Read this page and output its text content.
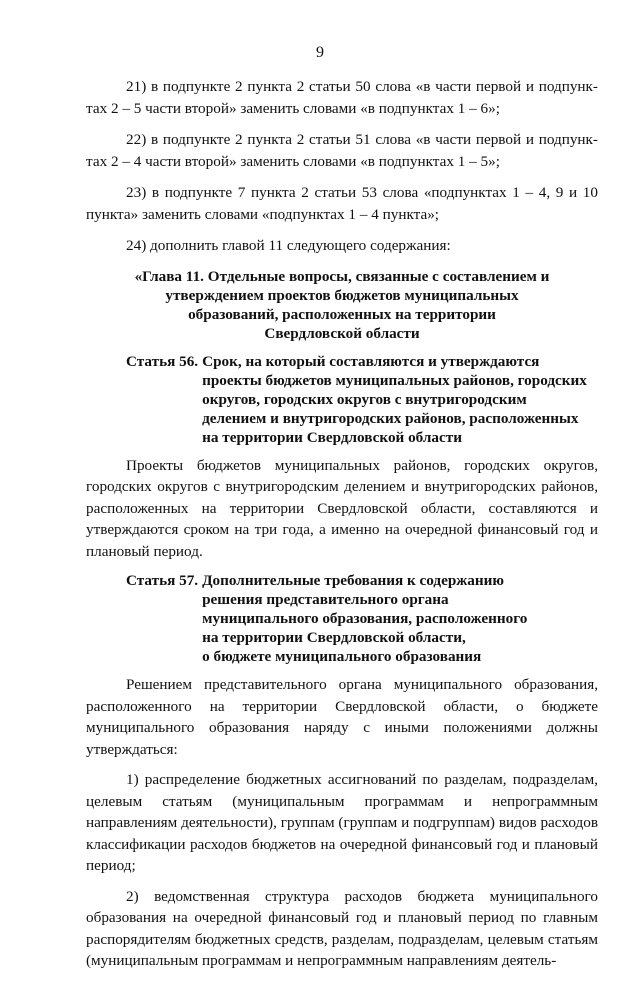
9

21) в подпункте 2 пункта 2 статьи 50 слова «в части первой и подпунк- тах 2 – 5 части второй» заменить словами «в подпунктах 1 – 6»;

22) в подпункте 2 пункта 2 статьи 51 слова «в части первой и подпунк- тах 2 – 4 части второй» заменить словами «в подпунктах 1 – 5»;

23) в подпункте 7 пункта 2 статьи 53 слова «подпунктах 1 – 4, 9 и 10 пункта» заменить словами «подпунктах 1 – 4 пункта»;

24) дополнить главой 11 следующего содержания:

«Глава 11. Отдельные вопросы, связанные с составлением и
утверждением проектов бюджетов муниципальных
образований, расположенных на территории
Свердловской области
Статья 56. Срок, на который составляются и утверждаются
проекты бюджетов муниципальных районов, городских
округов, городских округов с внутригородским
делением и внутригородских районов, расположенных
на территории Свердловской области

Проекты бюджетов муниципальных районов, городских округов, городских округов с внутригородским делением и внутригородских районов, расположенных на территории Свердловской области, составляются и утверждаются сроком на три года, а именно на очередной финансовый год и плановый период.

Статья 57. Дополнительные требования к содержанию
решения представительного органа
муниципального образования, расположенного
на территории Свердловской области,
о бюджете муниципального образования

Решением представительного органа муниципального образования, расположенного на территории Свердловской области, о бюджете муниципального образования наряду с иными положениями должны утверждаться:

1) распределение бюджетных ассигнований по разделам, подразделам, целевым статьям (муниципальным программам и непрограммным направлениям деятельности), группам (группам и подгруппам) видов расходов классификации расходов бюджетов на очередной финансовый год и плановый период;

2) ведомственная структура расходов бюджета муниципального образования на очередной финансовый год и плановый период по главным распорядителям бюджетных средств, разделам, подразделам, целевым статьям (муниципальным программам и непрограммным направлениям деятель-
